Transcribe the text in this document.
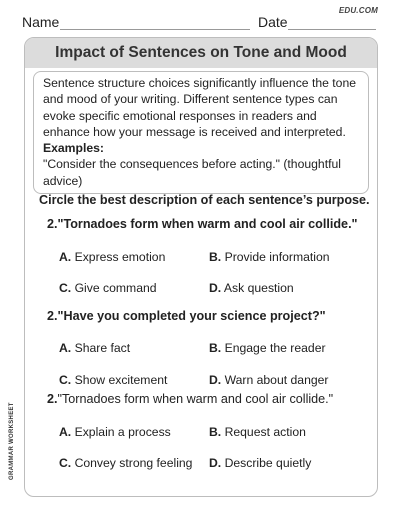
Name	Date
EDU.COM
Impact of Sentences on Tone and Mood

Sentence structure choices significantly influence the tone and mood of your writing. Different sentence types can evoke specific emotional responses in readers and enhance how your message is received and interpreted.

Examples:

"Consider the consequences before acting." (thoughtful advice)

Circle the best description of each sentence’s purpose.
2."Tornadoes form when warm and cool air collide."
A. Express emotion	B. Provide information
C. Give command	D. Ask question
2."Have you completed your science project?"
A. Share fact	B. Engage the reader
C. Show excitement	D. Warn about danger
2."Tornadoes form when warm and cool air collide."
A. Explain a process	B. Request action
C. Convey strong feeling D. Describe quietly
GRAMMAR WORKSHEET
